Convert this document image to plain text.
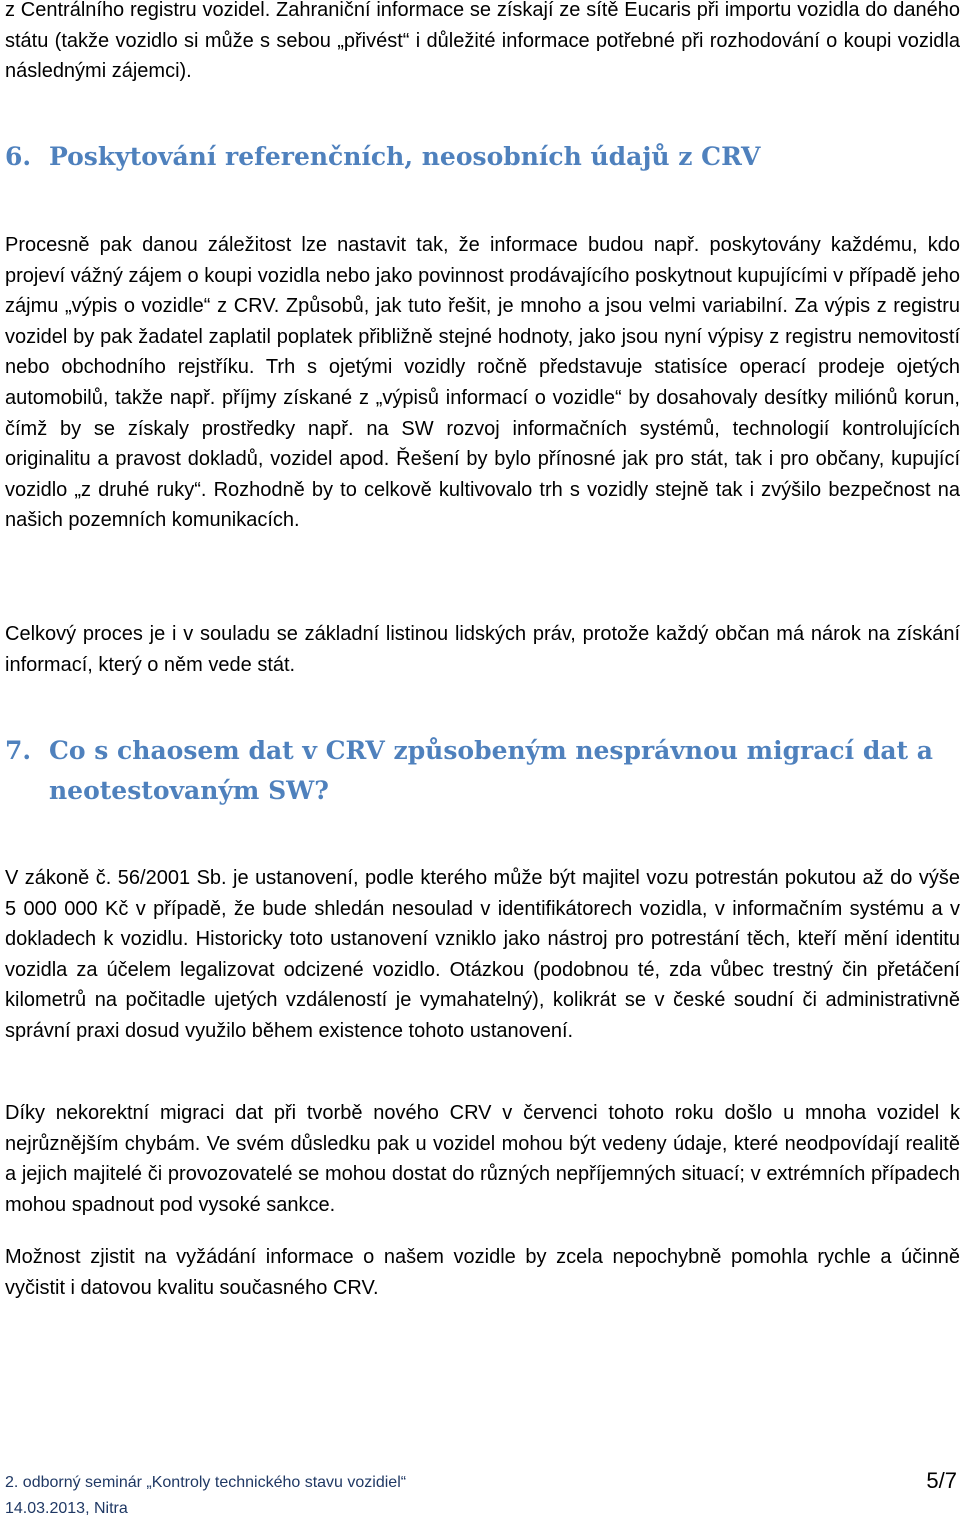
z Centrálního registru vozidel. Zahraniční informace se získají ze sítě Eucaris při importu vozidla do daného státu (takže vozidlo si může s sebou „přivést“ i důležité informace potřebné při rozhodování o koupi vozidla následnými zájemci).

6. Poskytování referenčních, neosobních údajů z CRV

Procesně pak danou záležitost lze nastavit tak, že informace budou např. poskytovány každému, kdo projeví vážný zájem o koupi vozidla nebo jako povinnost prodávajícího poskytnout kupujícími v případě jeho zájmu „výpis o vozidle“ z CRV. Způsobů, jak tuto řešit, je mnoho a jsou velmi variabilní. Za výpis z registru vozidel by pak žadatel zaplatil poplatek přibližně stejné hodnoty, jako jsou nyní výpisy z registru nemovitostí nebo obchodního rejstříku. Trh s ojetými vozidly ročně představuje statisíce operací prodeje ojetých automobilů, takže např. příjmy získané z „výpisů informací o vozidle“ by dosahovaly desítky miliónů korun, čímž by se získaly prostředky např. na SW rozvoj informačních systémů, technologií kontrolujících originalitu a pravost dokladů, vozidel apod. Řešení by bylo přínosné jak pro stát, tak i pro občany, kupující vozidlo „z druhé ruky“. Rozhodně by to celkově kultivovalo trh s vozidly stejně tak i zvýšilo bezpečnost na našich pozemních komunikacích.

Celkový proces je i v souladu se základní listinou lidských práv, protože každý občan má nárok na získání informací, který o něm vede stát.

7. Co s chaosem dat v CRV způsobeným nesprávnou migrací dat a neotestovaným SW?

V zákoně č. 56/2001 Sb. je ustanovení, podle kterého může být majitel vozu potrestán pokutou až do výše 5 000 000 Kč v případě, že bude shledán nesoulad v identifikátorech vozidla, v informačním systému a v dokladech k vozidlu. Historicky toto ustanovení vzniklo jako nástroj pro potrestání těch, kteří mění identitu vozidla za účelem legalizovat odcizené vozidlo. Otázkou (podobnou té, zda vůbec trestný čin přetáčení kilometrů na počitadle ujetých vzdáleností je vymahatelný), kolikrát se v české soudní či administrativně správní praxi dosud využilo během existence tohoto ustanovení.

Díky nekorektní migraci dat při tvorbě nového CRV v červenci tohoto roku došlo u mnoha vozidel k nejrůznějším chybám. Ve svém důsledku pak u vozidel mohou být vedeny údaje, které neodpovídají realitě a jejich majitelé či provozovatelé se mohou dostat do různých nepříjemných situací; v extrémních případech mohou spadnout pod vysoké sankce.

Možnost zjistit na vyžádání informace o našem vozidle by zcela nepochybně pomohla rychle a účinně vyčistit i datovou kvalitu současného CRV.

2. odborný seminár „Kontroly technického stavu vozidiel“
14.03.2013, Nitra
5/7
